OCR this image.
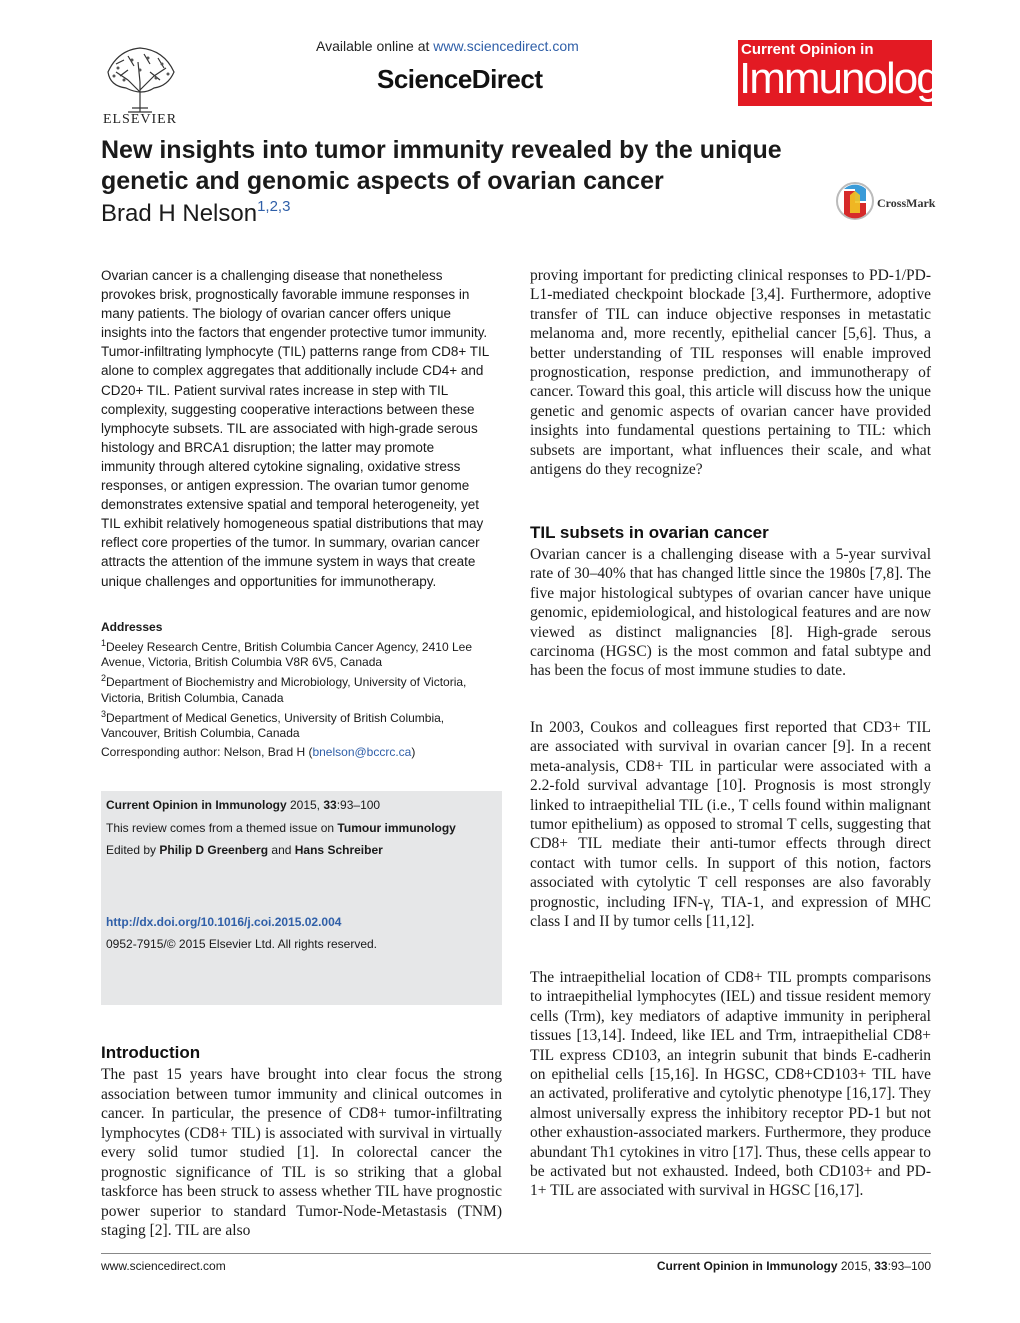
ELSEVIER
Available online at www.sciencedirect.com
ScienceDirect
Current Opinion in
Immunology
New insights into tumor immunity revealed by the unique genetic and genomic aspects of ovarian cancer
Brad H Nelson$^{1,2,3}$	CrossMark
Ovarian cancer is a challenging disease that nonetheless provokes brisk, prognostically favorable immune responses in many patients. The biology of ovarian cancer offers unique insights into the factors that engender protective tumor immunity. Tumor-infiltrating lymphocyte (TIL) patterns range from CD8+ TIL alone to complex aggregates that additionally include CD4+ and CD20+ TIL. Patient survival rates increase in step with TIL complexity, suggesting cooperative interactions between these lymphocyte subsets. TIL are associated with high-grade serous histology and BRCA1 disruption; the latter may promote immunity through altered cytokine signaling, oxidative stress responses, or antigen expression. The ovarian tumor genome demonstrates extensive spatial and temporal heterogeneity, yet TIL exhibit relatively homogeneous spatial distributions that may reflect core properties of the tumor. In summary, ovarian cancer attracts the attention of the immune system in ways that create unique challenges and opportunities for immunotherapy.
Addresses
$^1$Deeley Research Centre, British Columbia Cancer Agency, 2410 Lee Avenue, Victoria, British Columbia V8R 6V5, Canada
$^2$Department of Biochemistry and Microbiology, University of Victoria, Victoria, British Columbia, Canada
$^3$Department of Medical Genetics, University of British Columbia, Vancouver, British Columbia, Canada
Corresponding author: Nelson, Brad H (bnelson@bccrc.ca)
Current Opinion in Immunology 2015, 33:93–100
This review comes from a themed issue on Tumour immunology
Edited by Philip D Greenberg and Hans Schreiber
http://dx.doi.org/10.1016/j.coi.2015.02.004
0952-7915/© 2015 Elsevier Ltd. All rights reserved.
Introduction
The past 15 years have brought into clear focus the strong association between tumor immunity and clinical outcomes in cancer. In particular, the presence of CD8+ tumor-infiltrating lymphocytes (CD8+ TIL) is associated with survival in virtually every solid tumor studied [1]. In colorectal cancer the prognostic significance of TIL is so striking that a global taskforce has been struck to assess whether TIL have prognostic power superior to standard Tumor-Node-Metastasis (TNM) staging [2]. TIL are also
proving important for predicting clinical responses to PD-1/PD-L1-mediated checkpoint blockade [3,4]. Furthermore, adoptive transfer of TIL can induce objective responses in metastatic melanoma and, more recently, epithelial cancer [5,6]. Thus, a better understanding of TIL responses will enable improved prognostication, response prediction, and immunotherapy of cancer. Toward this goal, this article will discuss how the unique genetic and genomic aspects of ovarian cancer have provided insights into fundamental questions pertaining to TIL: which subsets are important, what influences their scale, and what antigens do they recognize?
TIL subsets in ovarian cancer
Ovarian cancer is a challenging disease with a 5-year survival rate of 30–40% that has changed little since the 1980s [7,8]. The five major histological subtypes of ovarian cancer have unique genomic, epidemiological, and histological features and are now viewed as distinct malignancies [8]. High-grade serous carcinoma (HGSC) is the most common and fatal subtype and has been the focus of most immune studies to date.
In 2003, Coukos and colleagues first reported that CD3+ TIL are associated with survival in ovarian cancer [9]. In a recent meta-analysis, CD8+ TIL in particular were associated with a 2.2-fold survival advantage [10]. Prognosis is most strongly linked to intraepithelial TIL (i.e., T cells found within malignant tumor epithelium) as opposed to stromal T cells, suggesting that CD8+ TIL mediate their anti-tumor effects through direct contact with tumor cells. In support of this notion, factors associated with cytolytic T cell responses are also favorably prognostic, including IFN-γ, TIA-1, and expression of MHC class I and II by tumor cells [11,12].
The intraepithelial location of CD8+ TIL prompts comparisons to intraepithelial lymphocytes (IEL) and tissue resident memory cells (Trm), key mediators of adaptive immunity in peripheral tissues [13,14]. Indeed, like IEL and Trm, intraepithelial CD8+ TIL express CD103, an integrin subunit that binds E-cadherin on epithelial cells [15,16]. In HGSC, CD8+CD103+ TIL have an activated, proliferative and cytolytic phenotype [16,17]. They almost universally express the inhibitory receptor PD-1 but not other exhaustion-associated markers. Furthermore, they produce abundant Th1 cytokines in vitro [17]. Thus, these cells appear to be activated but not exhausted. Indeed, both CD103+ and PD-1+ TIL are associated with survival in HGSC [16,17].
www.sciencedirect.com	Current Opinion in Immunology 2015, 33:93–100
